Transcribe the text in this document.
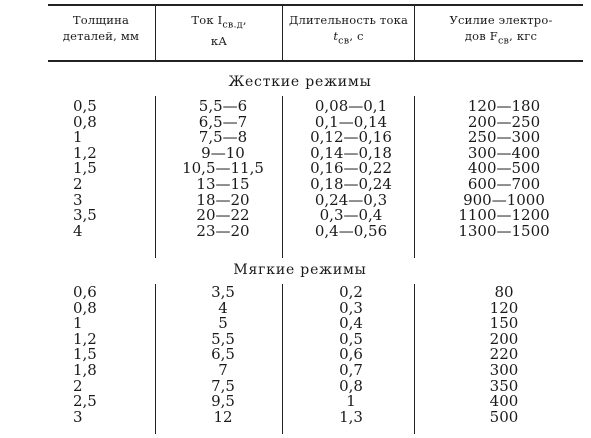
Толщина
деталей, мм
Ток $I_{св.д}$,
кА
Длительность тока
$t_{св}$, с
Усилие электро-
дов $F_{св}$, кгс
Жесткие режимы
0,5
0,8
1
1,2
1,5
2
3
3,5
4
5,5—6
6,5—7
7,5—8
9—10
10,5—11,5
13—15
18—20
20—22
23—20
0,08—0,1
0,1—0,14
0,12—0,16
0,14—0,18
0,16—0,22
0,18—0,24
0,24—0,3
0,3—0,4
0,4—0,56
120—180
200—250
250—300
300—400
400—500
600—700
900—1000
1100—1200
1300—1500
Мягкие режимы
0,6
0,8
1
1,2
1,5
1,8
2
2,5
3
3,5
4
5
5,5
6,5
7
7,5
9,5
12
0,2
0,3
0,4
0,5
0,6
0,7
0,8
1
1,3
80
120
150
200
220
300
350
400
500
